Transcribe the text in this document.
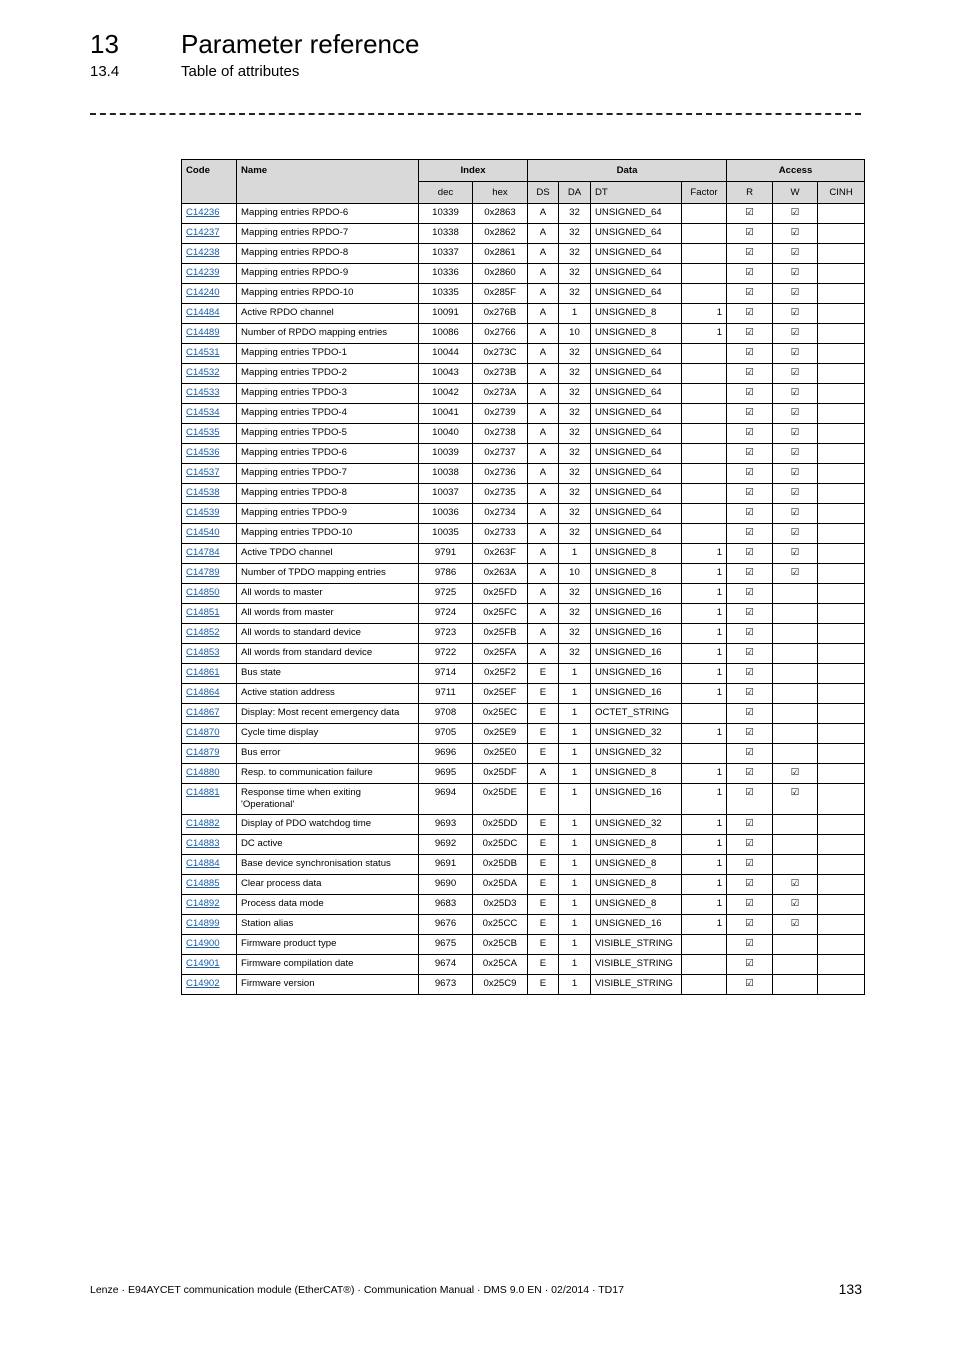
13 Parameter reference
13.4	Table of attributes
Code	Name	Index		Data				Access		
		dec	hex	DS	DA	DT	Factor	R	W	CINH
C14236	Mapping entries RPDO-6	10339	0x2863	A	32	UNSIGNED_64		☑	☑	
C14237	Mapping entries RPDO-7	10338	0x2862	A	32	UNSIGNED_64		☑	☑	
C14238	Mapping entries RPDO-8	10337	0x2861	A	32	UNSIGNED_64		☑	☑	
C14239	Mapping entries RPDO-9	10336	0x2860	A	32	UNSIGNED_64		☑	☑	
C14240	Mapping entries RPDO-10	10335	0x285F	A	32	UNSIGNED_64		☑	☑	
C14484	Active RPDO channel	10091	0x276B	A	1	UNSIGNED_8	1	☑	☑	
C14489	Number of RPDO mapping entries	10086	0x2766	A	10	UNSIGNED_8	1	☑	☑	
C14531	Mapping entries TPDO-1	10044	0x273C	A	32	UNSIGNED_64		☑	☑	
C14532	Mapping entries TPDO-2	10043	0x273B	A	32	UNSIGNED_64		☑	☑	
C14533	Mapping entries TPDO-3	10042	0x273A	A	32	UNSIGNED_64		☑	☑	
C14534	Mapping entries TPDO-4	10041	0x2739	A	32	UNSIGNED_64		☑	☑	
C14535	Mapping entries TPDO-5	10040	0x2738	A	32	UNSIGNED_64		☑	☑	
C14536	Mapping entries TPDO-6	10039	0x2737	A	32	UNSIGNED_64		☑	☑	
C14537	Mapping entries TPDO-7	10038	0x2736	A	32	UNSIGNED_64		☑	☑	
C14538	Mapping entries TPDO-8	10037	0x2735	A	32	UNSIGNED_64		☑	☑	
C14539	Mapping entries TPDO-9	10036	0x2734	A	32	UNSIGNED_64		☑	☑	
C14540	Mapping entries TPDO-10	10035	0x2733	A	32	UNSIGNED_64		☑	☑	
C14784	Active TPDO channel	9791	0x263F	A	1	UNSIGNED_8	1	☑	☑	
C14789	Number of TPDO mapping entries	9786	0x263A	A	10	UNSIGNED_8	1	☑	☑	
C14850	All words to master	9725	0x25FD	A	32	UNSIGNED_16	1	☑		
C14851	All words from master	9724	0x25FC	A	32	UNSIGNED_16	1	☑		
C14852	All words to standard device	9723	0x25FB	A	32	UNSIGNED_16	1	☑		
C14853	All words from standard device	9722	0x25FA	A	32	UNSIGNED_16	1	☑		
C14861	Bus state	9714	0x25F2	E	1	UNSIGNED_16	1	☑		
C14864	Active station address	9711	0x25EF	E	1	UNSIGNED_16	1	☑		
C14867	Display: Most recent emergency data	9708	0x25EC	E	1	OCTET_STRING		☑		
C14870	Cycle time display	9705	0x25E9	E	1	UNSIGNED_32	1	☑		
C14879	Bus error	9696	0x25E0	E	1	UNSIGNED_32		☑		
C14880	Resp. to communication failure	9695	0x25DF	A	1	UNSIGNED_8	1	☑	☑	
C14881	Response time when exiting 'Operational'	9694	0x25DE	E	1	UNSIGNED_16	1	☑	☑	
C14882	Display of PDO watchdog time	9693	0x25DD	E	1	UNSIGNED_32	1	☑		
C14883	DC active	9692	0x25DC	E	1	UNSIGNED_8	1	☑		
C14884	Base device synchronisation status	9691	0x25DB	E	1	UNSIGNED_8	1	☑		
C14885	Clear process data	9690	0x25DA	E	1	UNSIGNED_8	1	☑	☑	
C14892	Process data mode	9683	0x25D3	E	1	UNSIGNED_8	1	☑	☑	
C14899	Station alias	9676	0x25CC	E	1	UNSIGNED_16	1	☑	☑	
C14900	Firmware product type	9675	0x25CB	E	1	VISIBLE_STRING		☑		
C14901	Firmware compilation date	9674	0x25CA	E	1	VISIBLE_STRING		☑		
C14902	Firmware version	9673	0x25C9	E	1	VISIBLE_STRING		☑		
Lenze · E94AYCET communication module (EtherCAT®) · Communication Manual · DMS 9.0 EN · 02/2014 · TD17	133
